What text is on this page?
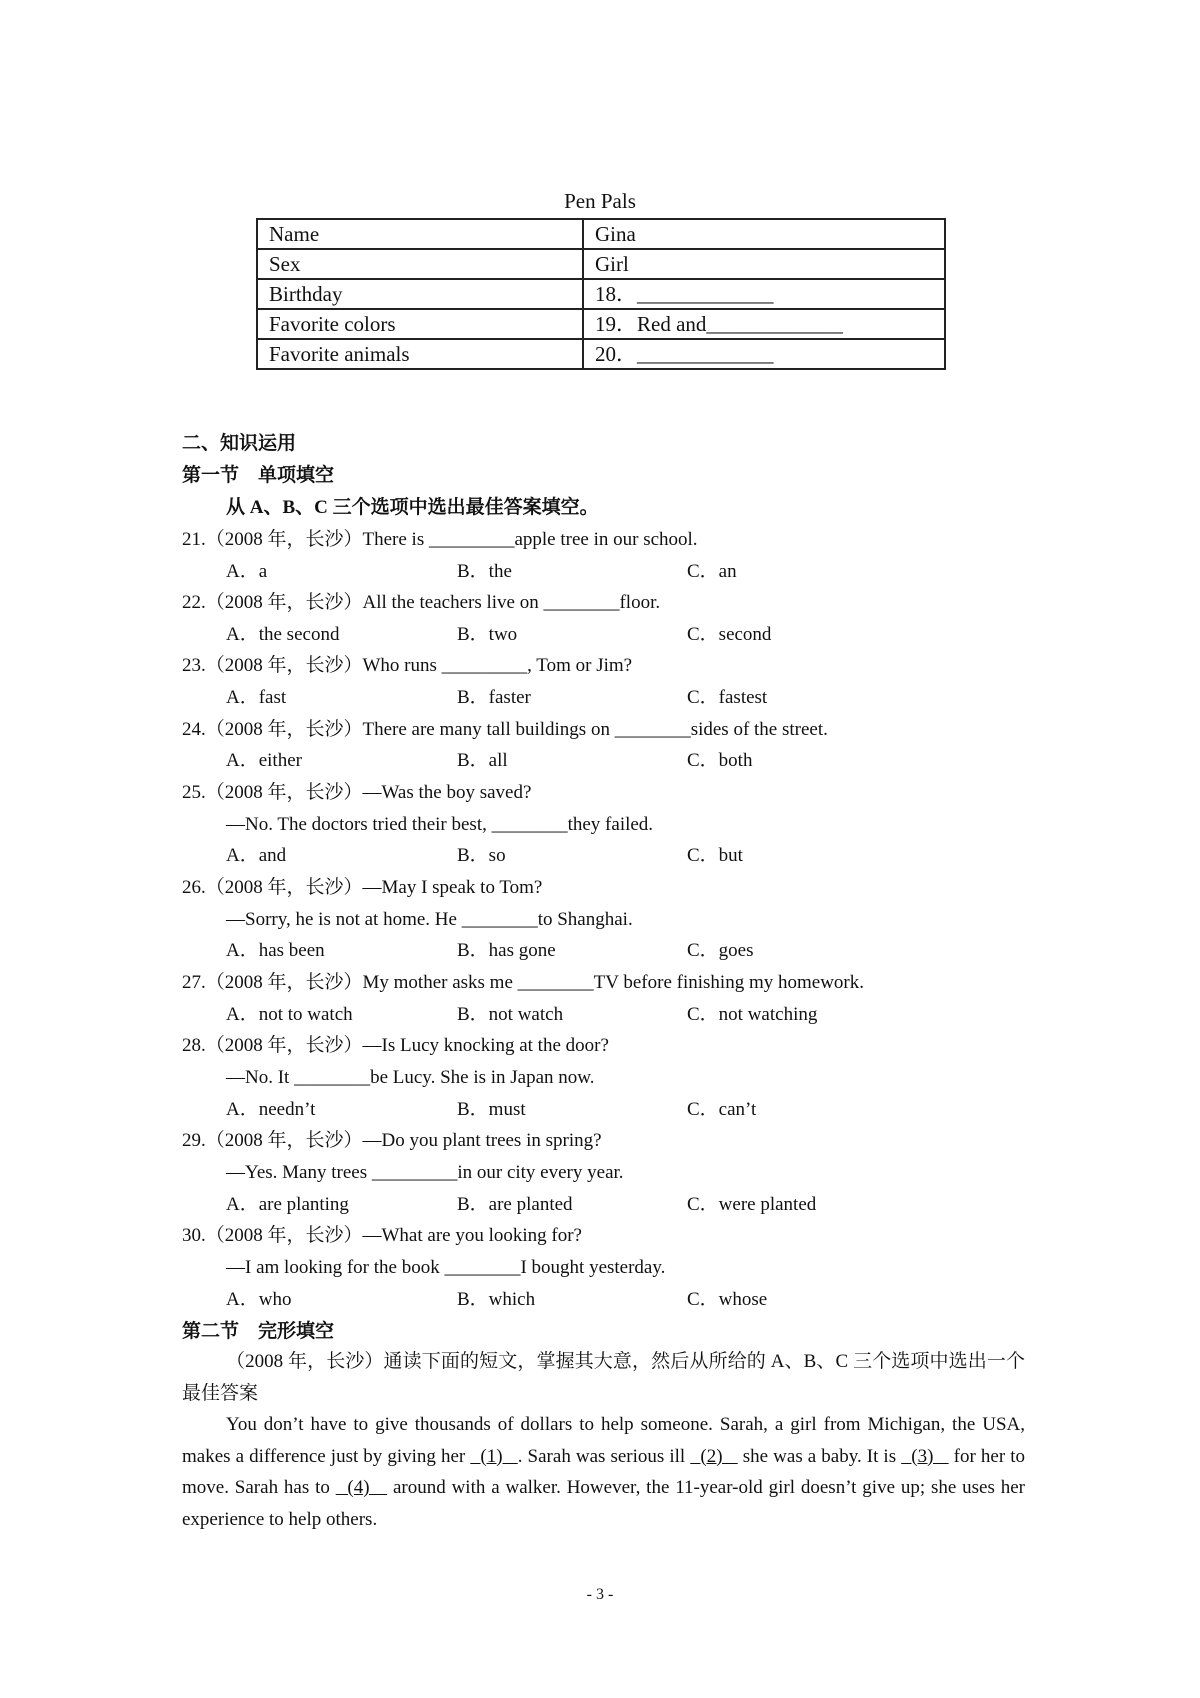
Pen Pals
Name	Gina
Sex	Girl
Birthday	18．_____________
Favorite colors	19．Red and_____________
Favorite animals	20．_____________
二、知识运用
第一节　单项填空
从 A、B、C 三个选项中选出最佳答案填空。
21.（2008 年，长沙）There is _________apple tree in our school.
A．a	B．the	C．an
22.（2008 年，长沙）All the teachers live on ________floor.
A．the second	B．two	C．second
23.（2008 年，长沙）Who runs _________, Tom or Jim?
A．fast	B．faster	C．fastest
24.（2008 年，长沙）There are many tall buildings on ________sides of the street.
A．either	B．all	C．both
25.（2008 年，长沙）—Was the boy saved?
—No. The doctors tried their best, ________they failed.
A．and	B．so	C．but
26.（2008 年，长沙）—May I speak to Tom?
—Sorry, he is not at home. He ________to Shanghai.
A．has been	B．has gone	C．goes
27.（2008 年，长沙）My mother asks me ________TV before finishing my homework.
A．not to watch	B．not watch	C．not watching
28.（2008 年，长沙）—Is Lucy knocking at the door?
—No. It ________be Lucy. She is in Japan now.
A．needn’t	B．must	C．can’t
29.（2008 年，长沙）—Do you plant trees in spring?
—Yes. Many trees _________in our city every year.
A．are planting	B．are planted	C．were planted
30.（2008 年，长沙）—What are you looking for?
—I am looking for the book ________I bought yesterday.
A．who	B．which	C．whose
第二节　完形填空
（2008 年，长沙）通读下面的短文，掌握其大意，然后从所给的 A、B、C 三个选项中选出一个最佳答案
You don’t have to give thousands of dollars to help someone. Sarah, a girl from Michigan, the USA, makes a difference just by giving her   (1)   . Sarah was serious ill   (2)    she was a baby. It is   (3)    for her to move. Sarah has to   (4)    around with a walker. However, the 11-year-old girl doesn’t give up; she uses her experience to help others.
- 3 -
